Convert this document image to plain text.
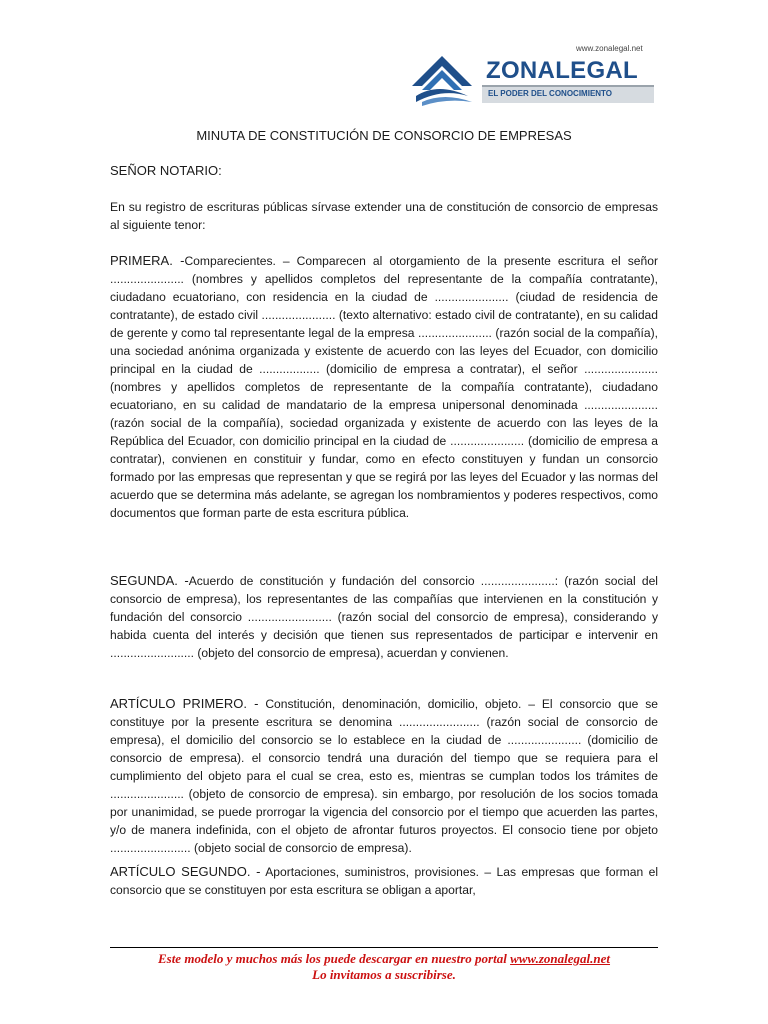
www.zonalegal.net
ZONALEGAL
EL PODER DEL CONOCIMIENTO
MINUTA DE CONSTITUCIÓN DE CONSORCIO DE EMPRESAS
SEÑOR NOTARIO:

En su registro de escrituras públicas sírvase extender una de constitución de consorcio de empresas al siguiente tenor:

PRIMERA. -Comparecientes. – Comparecen al otorgamiento de la presente escritura el señor ...................... (nombres y apellidos completos del representante de la compañía contratante), ciudadano ecuatoriano, con residencia en la ciudad de ...................... (ciudad de residencia de contratante), de estado civil ...................... (texto alternativo: estado civil de contratante), en su calidad de gerente y como tal representante legal de la empresa ...................... (razón social de la compañía), una sociedad anónima organizada y existente de acuerdo con las leyes del Ecuador, con domicilio principal en la ciudad de .................. (domicilio de empresa a contratar), el señor ...................... (nombres y apellidos completos de representante de la compañía contratante), ciudadano ecuatoriano, en su calidad de mandatario de la empresa unipersonal denominada ...................... (razón social de la compañía), sociedad organizada y existente de acuerdo con las leyes de la República del Ecuador, con domicilio principal en la ciudad de ...................... (domicilio de empresa a contratar), convienen en constituir y fundar, como en efecto constituyen y fundan un consorcio formado por las empresas que representan y que se regirá por las leyes del Ecuador y las normas del acuerdo que se determina más adelante, se agregan los nombramientos y poderes respectivos, como documentos que forman parte de esta escritura pública.

SEGUNDA. -Acuerdo de constitución y fundación del consorcio ......................: (razón social del consorcio de empresa), los representantes de las compañías que intervienen en la constitución y fundación del consorcio ......................... (razón social del consorcio de empresa), considerando y habida cuenta del interés y decisión que tienen sus representados de participar e intervenir en ......................... (objeto del consorcio de empresa), acuerdan y convienen.

ARTÍCULO PRIMERO. - Constitución, denominación, domicilio, objeto. – El consorcio que se constituye por la presente escritura se denomina ........................ (razón social de consorcio de empresa), el domicilio del consorcio se lo establece en la ciudad de ...................... (domicilio de consorcio de empresa). el consorcio tendrá una duración del tiempo que se requiera para el cumplimiento del objeto para el cual se crea, esto es, mientras se cumplan todos los trámites de ...................... (objeto de consorcio de empresa). sin embargo, por resolución de los socios tomada por unanimidad, se puede prorrogar la vigencia del consorcio por el tiempo que acuerden las partes, y/o de manera indefinida, con el objeto de afrontar futuros proyectos. El consocio tiene por objeto ........................ (objeto social de consorcio de empresa).

ARTÍCULO SEGUNDO. - Aportaciones, suministros, provisiones. – Las empresas que forman el consorcio que se constituyen por esta escritura se obligan a aportar,

Este modelo y muchos más los puede descargar en nuestro portal www.zonalegal.net
Lo invitamos a suscribirse.
